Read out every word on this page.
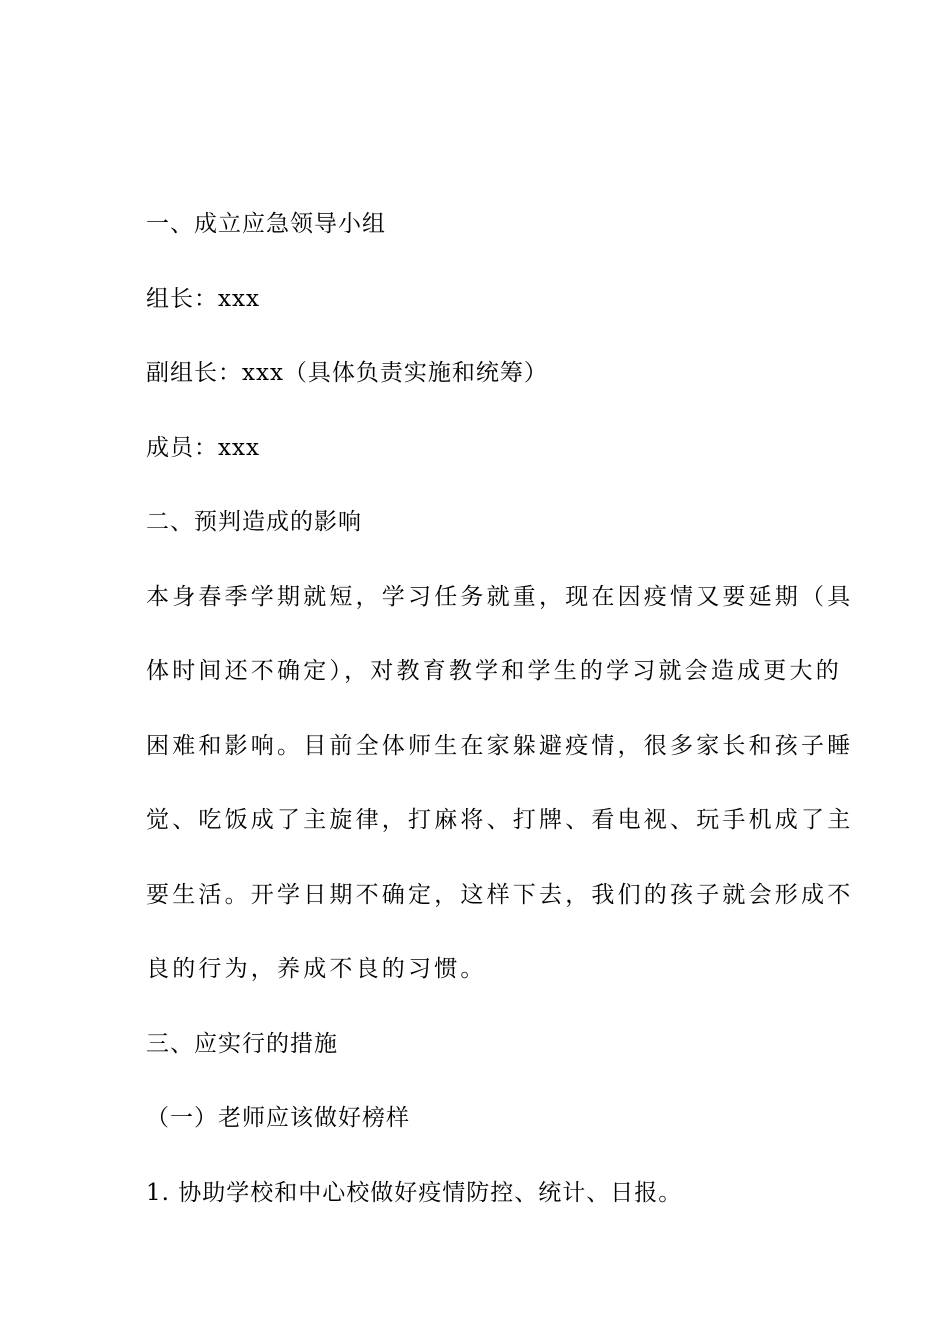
一、成立应急领导小组
组长：xxx
副组长：xxx（具体负责实施和统筹）
成员：xxx
二、预判造成的影响
本身春季学期就短，学习任务就重，现在因疫情又要延期（具
体时间还不确定），对教育教学和学生的学习就会造成更大的
困难和影响。目前全体师生在家躲避疫情，很多家长和孩子睡
觉、吃饭成了主旋律，打麻将、打牌、看电视、玩手机成了主
要生活。开学日期不确定，这样下去，我们的孩子就会形成不
良的行为，养成不良的习惯。
三、应实行的措施
（一）老师应该做好榜样
1. 协助学校和中心校做好疫情防控、统计、日报。
